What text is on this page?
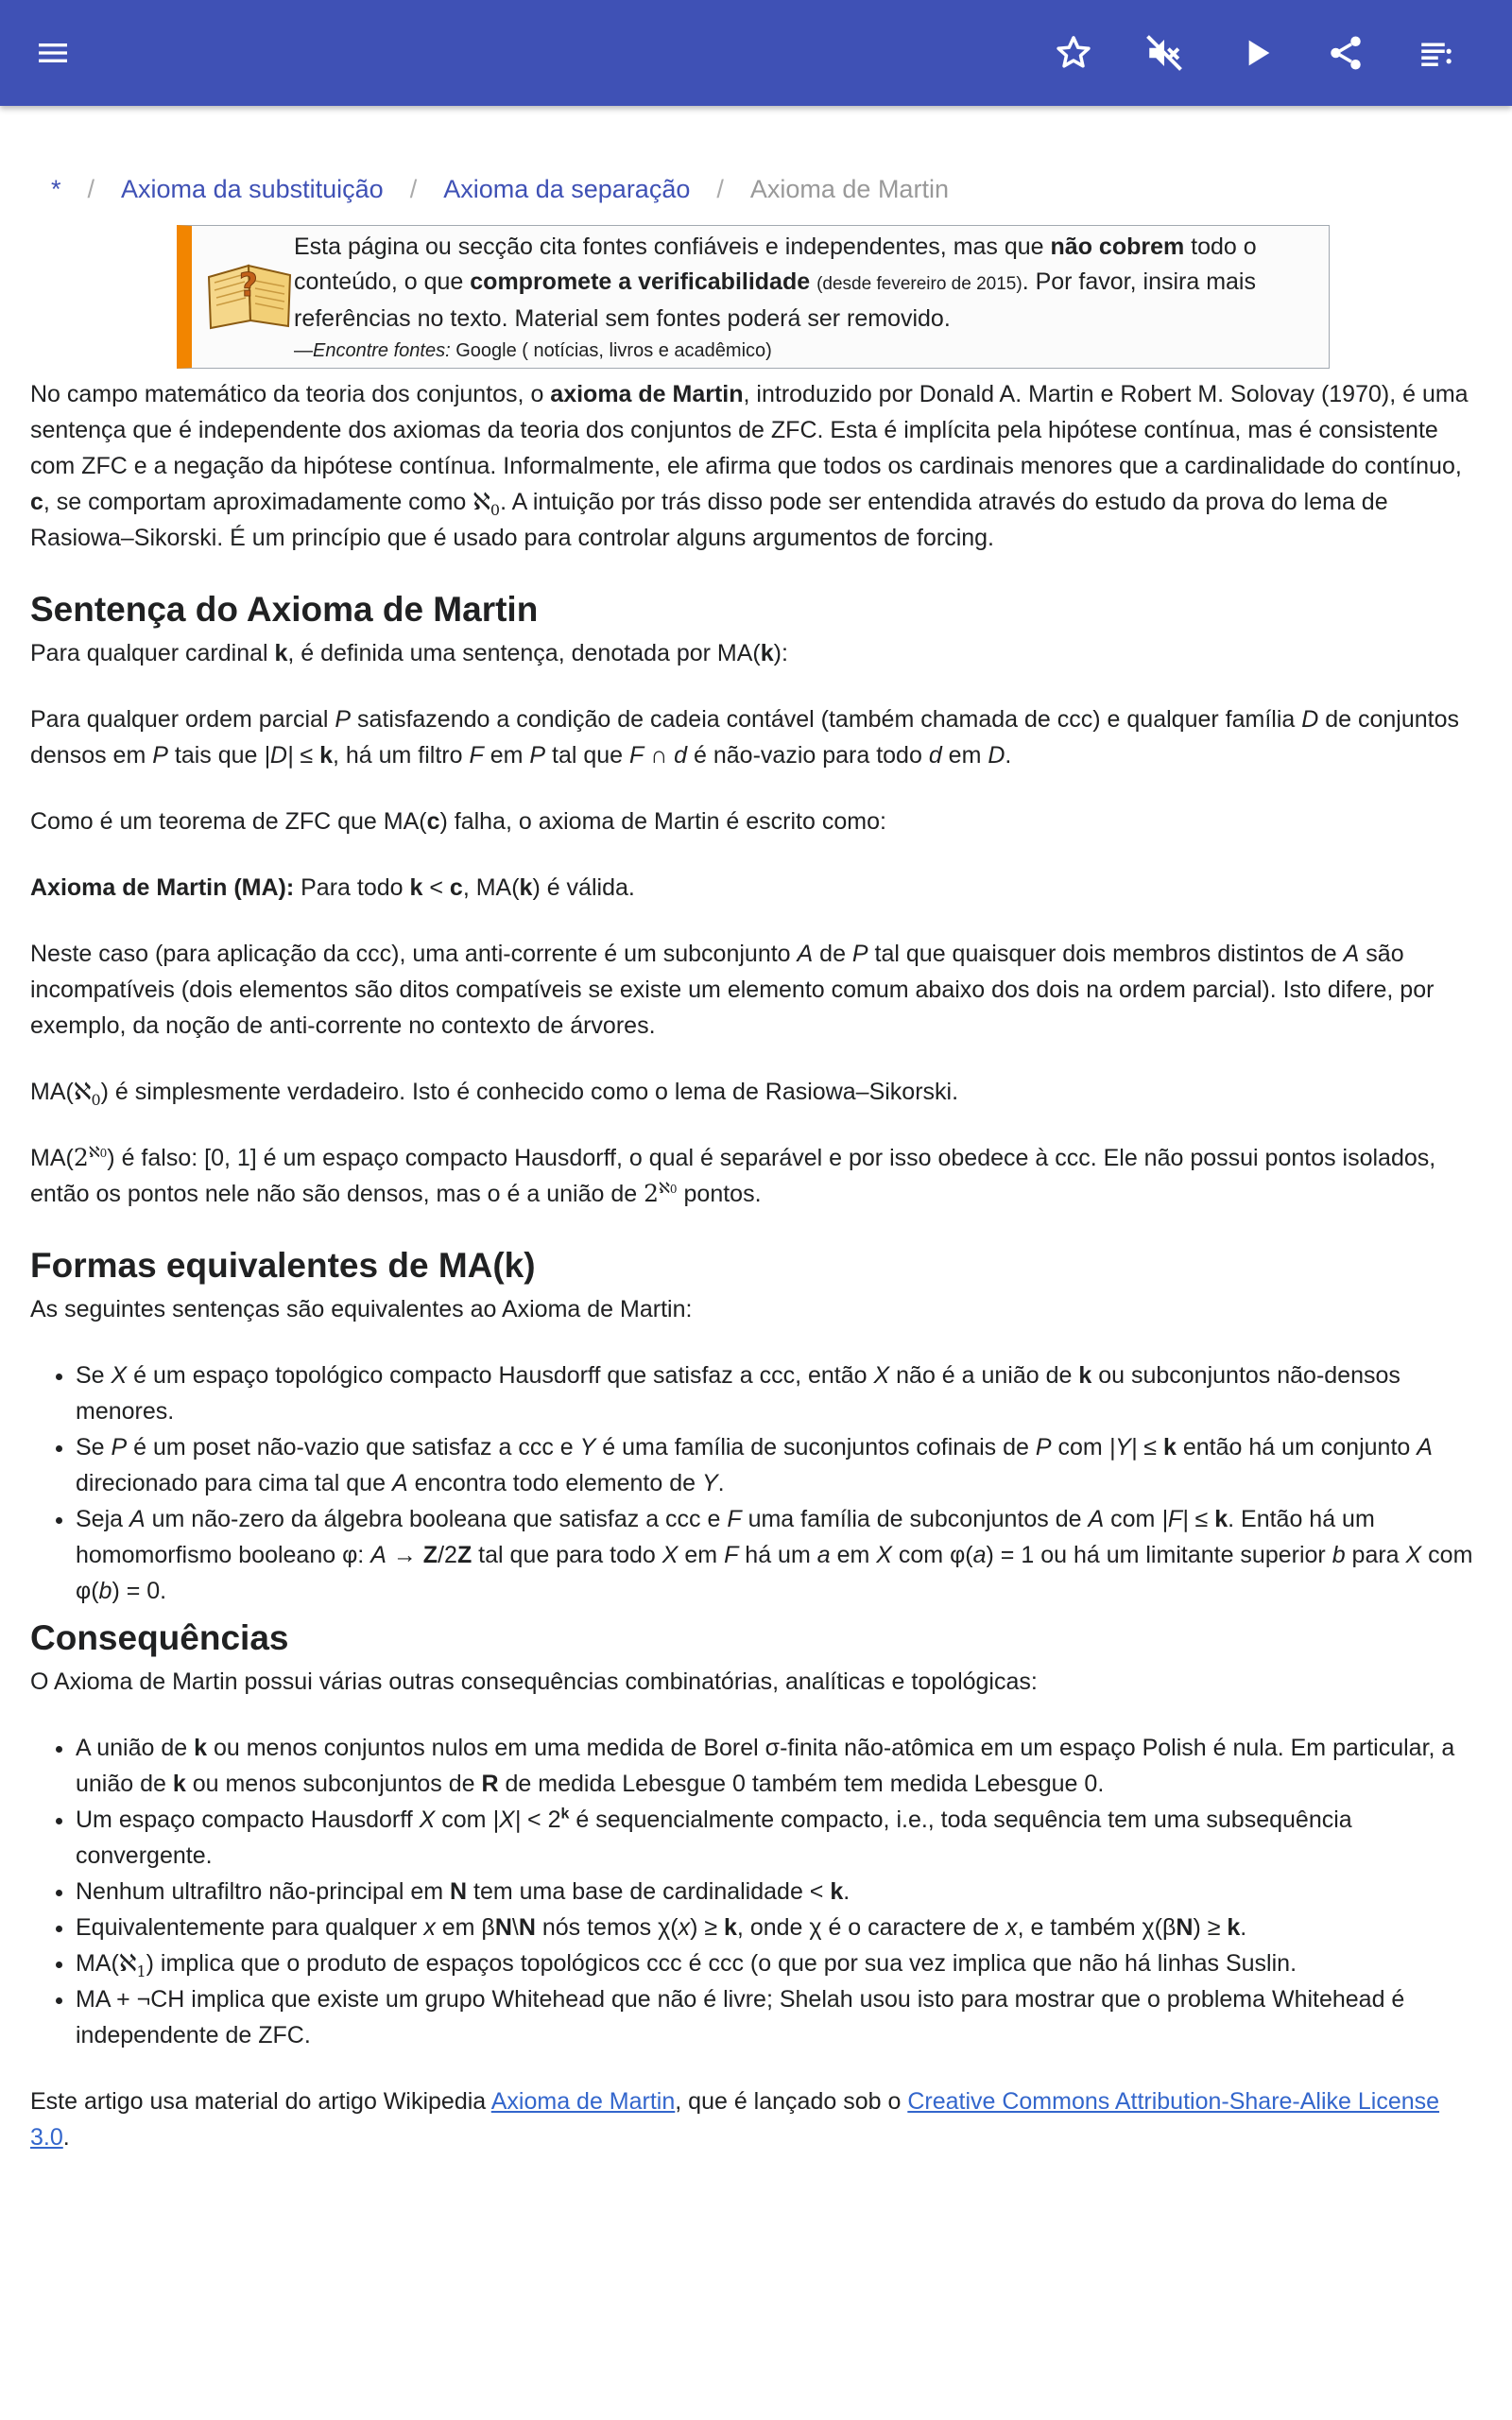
* / Axioma da substituição / Axioma da separação / Axioma de Martin
?
Esta página ou secção cita fontes confiáveis e independentes, mas que não cobrem todo o conteúdo, o que compromete a verificabilidade (desde fevereiro de 2015). Por favor, insira mais referências no texto. Material sem fontes poderá ser removido.
—Encontre fontes: Google ( notícias, livros e acadêmico)

No campo matemático da teoria dos conjuntos, o axioma de Martin, introduzido por Donald A. Martin e Robert M. Solovay (1970), é uma sentença que é independente dos axiomas da teoria dos conjuntos de ZFC. Esta é implícita pela hipótese contínua, mas é consistente com ZFC e a negação da hipótese contínua. Informalmente, ele afirma que todos os cardinais menores que a cardinalidade do contínuo, c, se comportam aproximadamente como ℵ$_0$. A intuição por trás disso pode ser entendida através do estudo da prova do lema de Rasiowa–Sikorski. É um princípio que é usado para controlar alguns argumentos de forcing.

Sentença do Axioma de Martin

Para qualquer cardinal k, é definida uma sentença, denotada por MA(k):

Para qualquer ordem parcial P satisfazendo a condição de cadeia contável (também chamada de ccc) e qualquer família D de conjuntos densos em P tais que |D| ≤ k, há um filtro F em P tal que F ∩ d é não-vazio para todo d em D.

Como é um teorema de ZFC que MA(c) falha, o axioma de Martin é escrito como:

Axioma de Martin (MA): Para todo k < c, MA(k) é válida.

Neste caso (para aplicação da ccc), uma anti-corrente é um subconjunto A de P tal que quaisquer dois membros distintos de A são incompatíveis (dois elementos são ditos compatíveis se existe um elemento comum abaixo dos dois na ordem parcial). Isto difere, por exemplo, da noção de anti-corrente no contexto de árvores.

MA(ℵ$_0$) é simplesmente verdadeiro. Isto é conhecido como o lema de Rasiowa–Sikorski.

$MA(2^{ℵ0})$ é falso: [0, 1] é um espaço compacto Hausdorff, o qual é separável e por isso obedece à ccc. Ele não possui pontos isolados, então os pontos nele não são densos, mas o é a união de $2^{ℵ0}$ pontos.

Formas equivalentes de MA(k)

As seguintes sentenças são equivalentes ao Axioma de Martin:

• Se X é um espaço topológico compacto Hausdorff que satisfaz a ccc, então X não é a união de k ou subconjuntos não-densos menores.
• Se P é um poset não-vazio que satisfaz a ccc e Y é uma família de suconjuntos cofinais de P com |Y| ≤ k então há um conjunto A direcionado para cima tal que A encontra todo elemento de Y.
• Seja A um não-zero da álgebra booleana que satisfaz a ccc e F uma família de subconjuntos de A com |F| ≤ k. Então há um homomorfismo booleano φ: A → Z/2Z tal que para todo X em F há um a em X com φ(a) = 1 ou há um limitante superior b para X com φ(b) = 0.
Consequências

O Axioma de Martin possui várias outras consequências combinatórias, analíticas e topológicas:

• A união de k ou menos conjuntos nulos em uma medida de Borel σ-finita não-atômica em um espaço Polish é nula. Em particular, a união de k ou menos subconjuntos de R de medida Lebesgue 0 também tem medida Lebesgue 0.
• Um espaço compacto Hausdorff X com $|X| < 2^k$ é sequencialmente compacto, i.e., toda sequência tem uma subsequência convergente.
• Nenhum ultrafiltro não-principal em N tem uma base de cardinalidade < k.
• Equivalentemente para qualquer x em βN\N nós temos χ(x) ≥ k, onde χ é o caractere de x, e também χ(βN) ≥ k.
• MA(ℵ$_1$) implica que o produto de espaços topológicos ccc é ccc (o que por sua vez implica que não há linhas Suslin.
• MA + ¬CH implica que existe um grupo Whitehead que não é livre; Shelah usou isto para mostrar que o problema Whitehead é independente de ZFC.

Este artigo usa material do artigo Wikipedia Axioma de Martin, que é lançado sob o Creative Commons Attribution-Share-Alike License 3.0.
